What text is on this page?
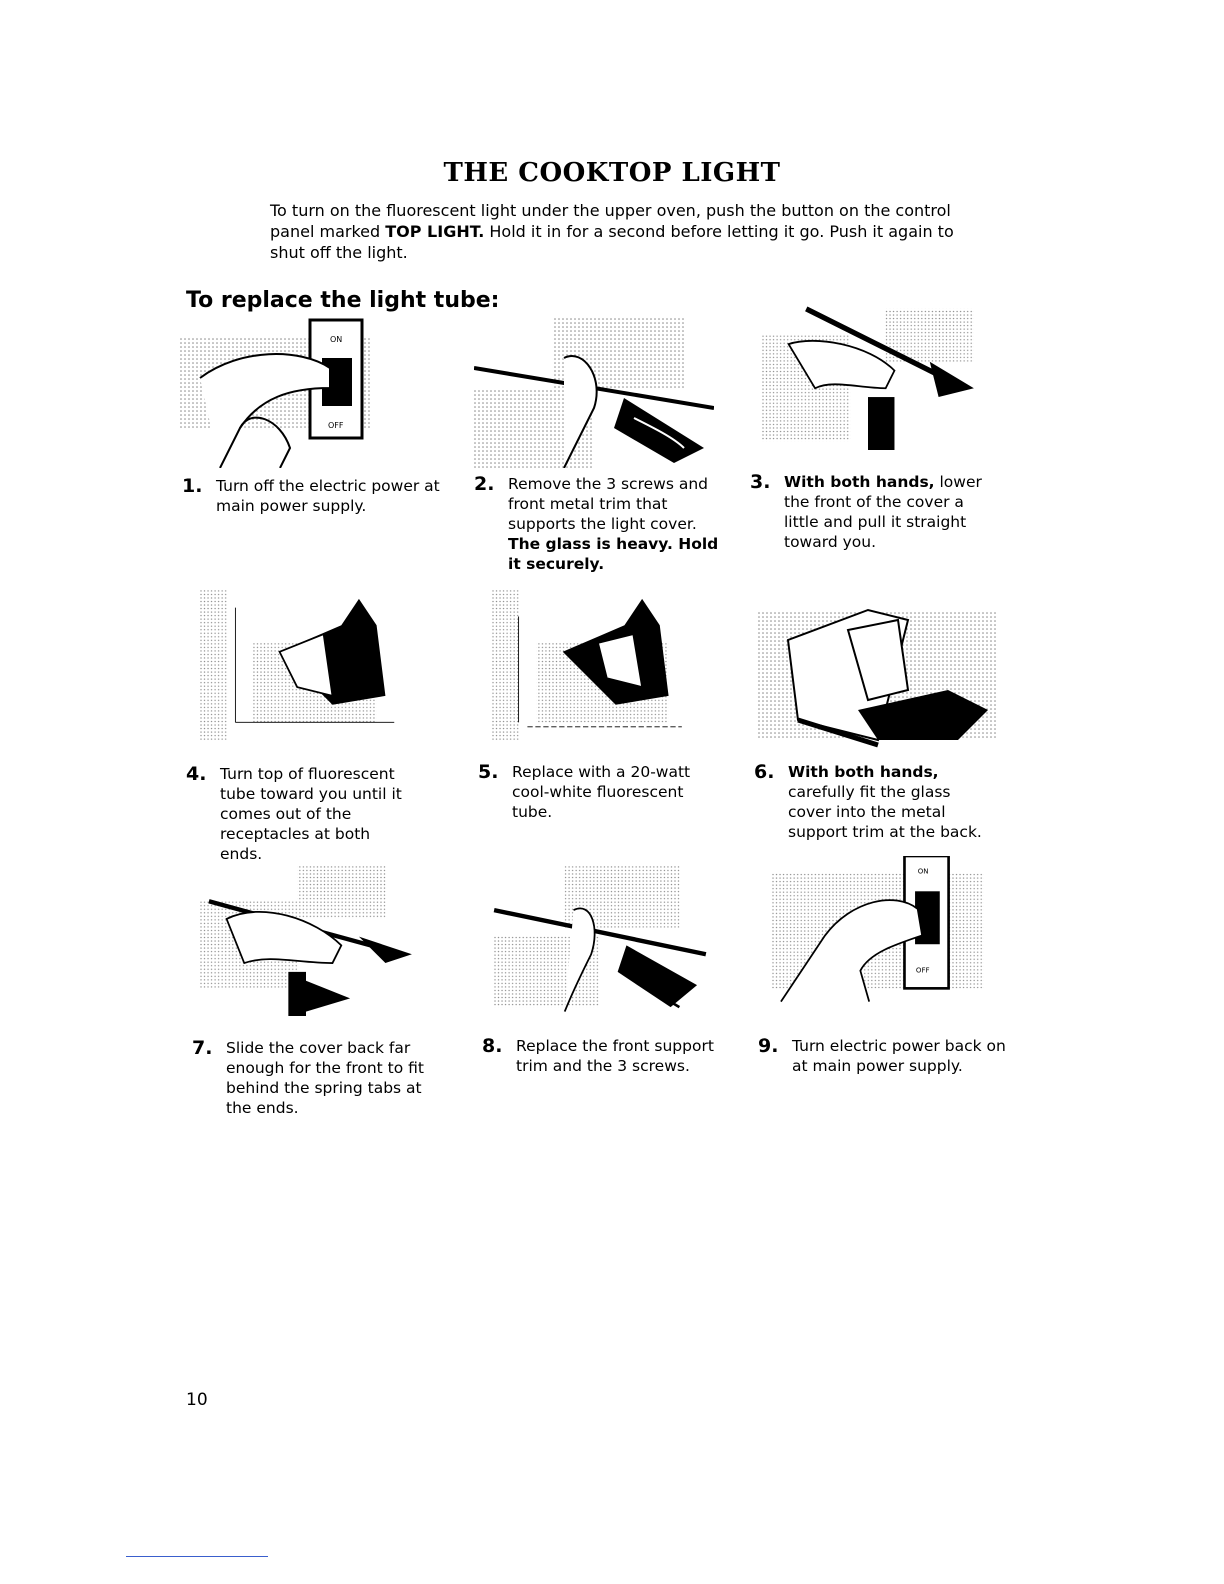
THE COOKTOP LIGHT
To turn on the fluorescent light under the upper oven, push the button on the control panel marked TOP LIGHT. Hold it in for a second before letting it go. Push it again to shut off the light.
To replace the light tube:
ON
OFF
1. Turn off the electric power at main power supply.
2. Remove the 3 screws and front metal trim that supports the light cover. The glass is heavy. Hold it securely.
3. With both hands, lower the front of the cover a little and pull it straight toward you.
4. Turn top of fluorescent tube toward you until it comes out of the receptacles at both ends.
5. Replace with a 20-watt cool-white fluorescent tube.
6. With both hands, carefully fit the glass cover into the metal support trim at the back.
ON
OFF
7. Slide the cover back far enough for the front to fit behind the spring tabs at the ends.
8. Replace the front support trim and the 3 screws.
9. Turn electric power back on at main power supply.
10
